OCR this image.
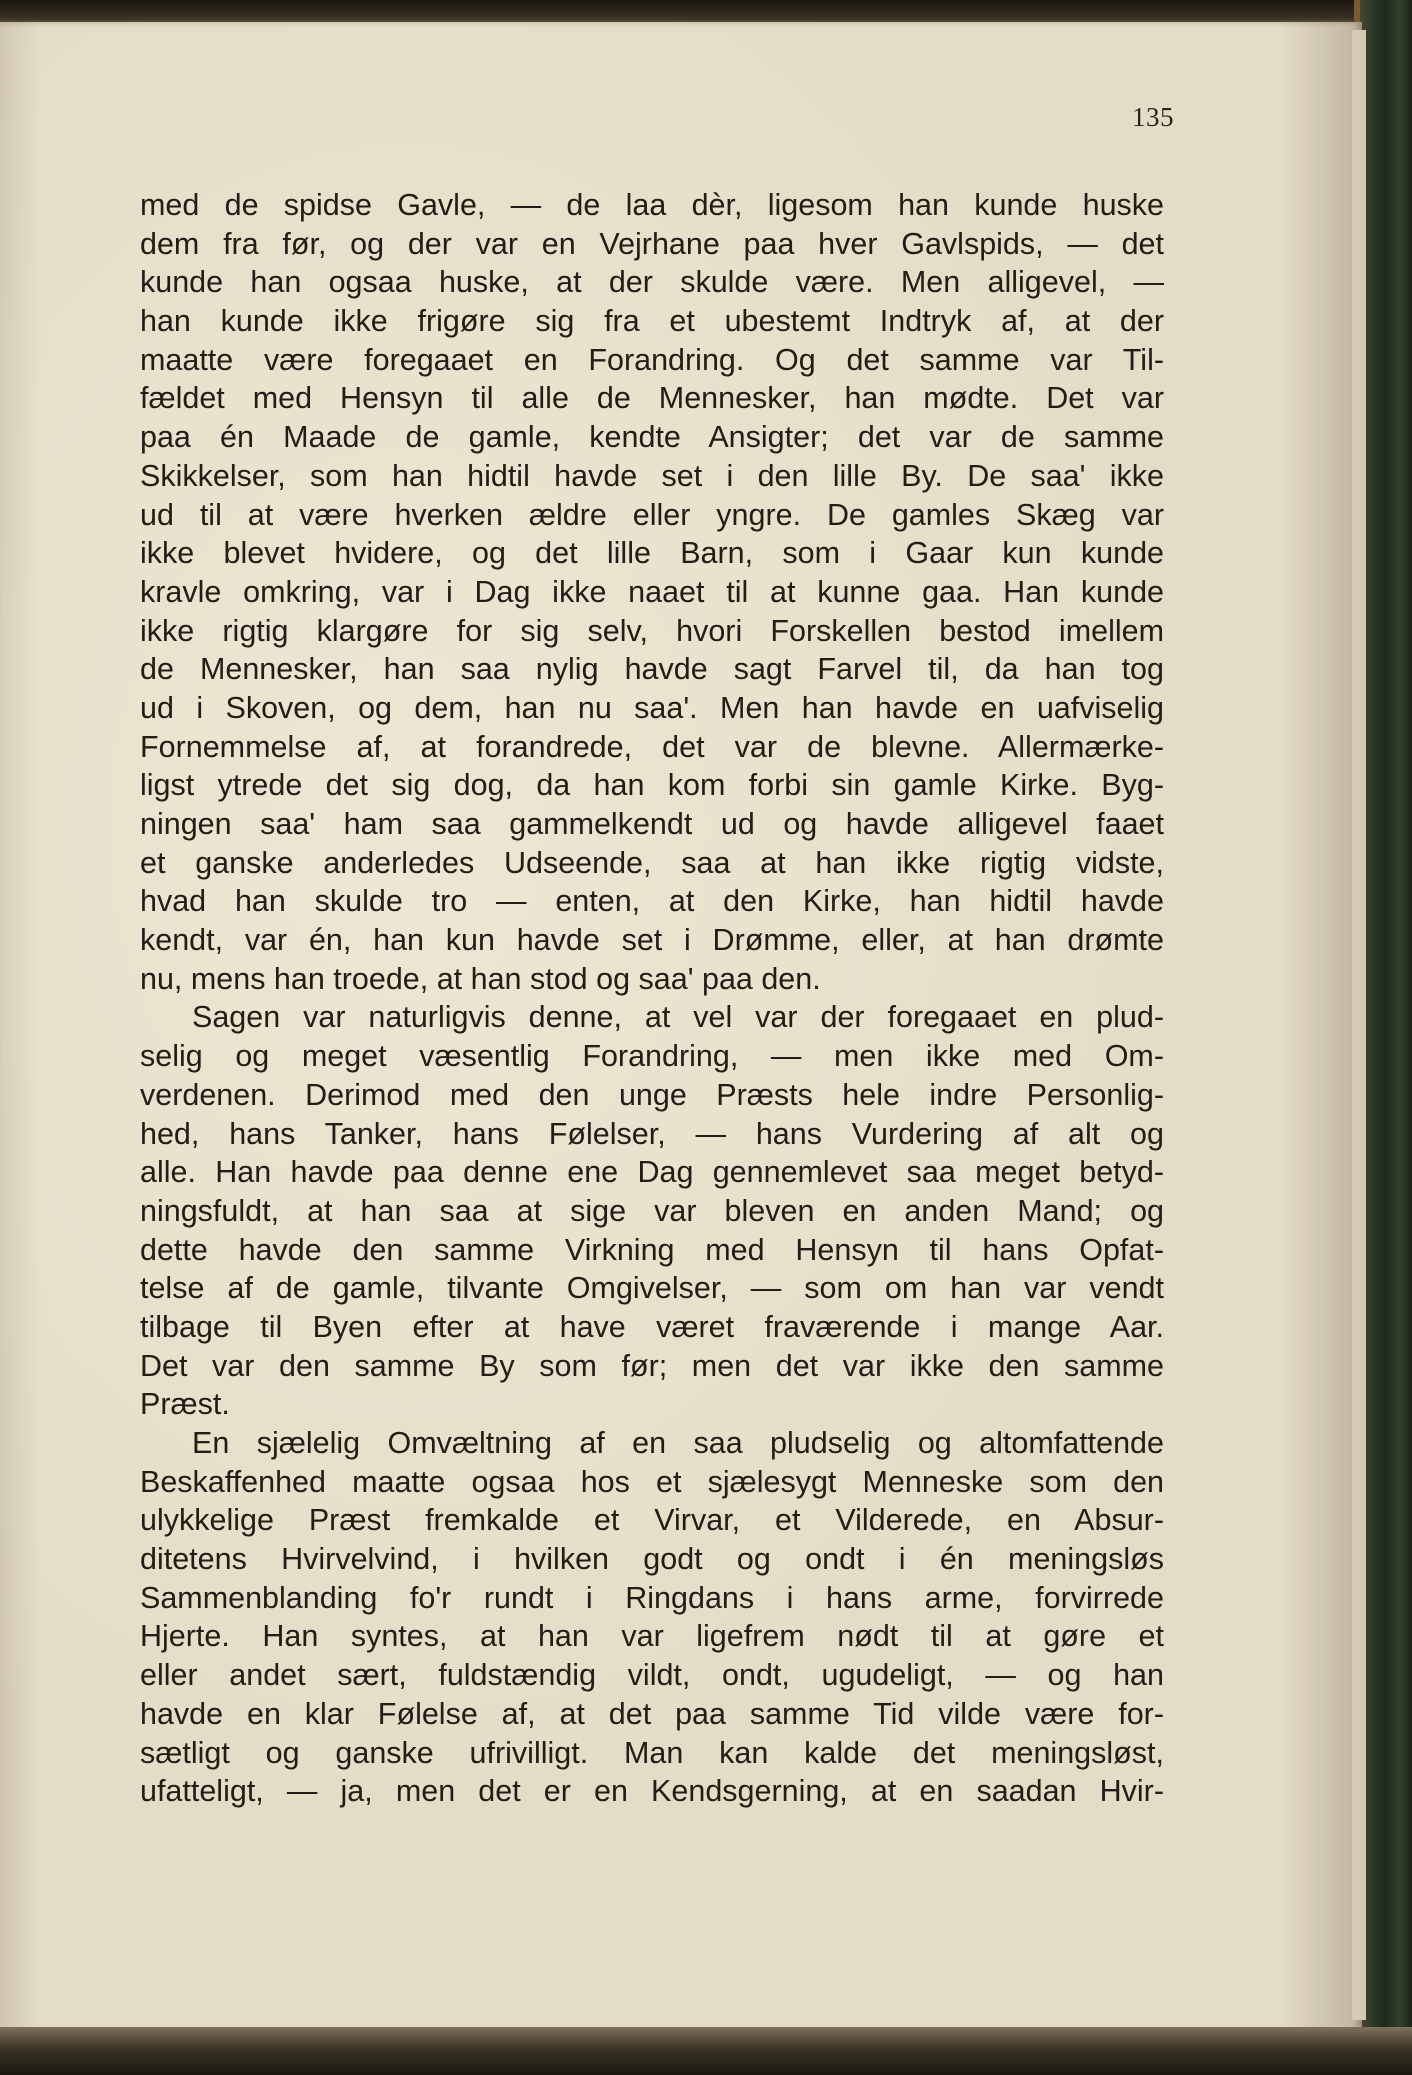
135
med de spidse Gavle, — de laa dèr, ligesom han kunde huske
dem fra før, og der var en Vejrhane paa hver Gavlspids, — det
kunde han ogsaa huske, at der skulde være. Men alligevel, —
han kunde ikke frigøre sig fra et ubestemt Indtryk af, at der
maatte være foregaaet en Forandring. Og det samme var Til-
fældet med Hensyn til alle de Mennesker, han mødte. Det var
paa én Maade de gamle, kendte Ansigter; det var de samme
Skikkelser, som han hidtil havde set i den lille By. De saa' ikke
ud til at være hverken ældre eller yngre. De gamles Skæg var
ikke blevet hvidere, og det lille Barn, som i Gaar kun kunde
kravle omkring, var i Dag ikke naaet til at kunne gaa. Han kunde
ikke rigtig klargøre for sig selv, hvori Forskellen bestod imellem
de Mennesker, han saa nylig havde sagt Farvel til, da han tog
ud i Skoven, og dem, han nu saa'. Men han havde en uafviselig
Fornemmelse af, at forandrede, det var de blevne. Allermærke-
ligst ytrede det sig dog, da han kom forbi sin gamle Kirke. Byg-
ningen saa' ham saa gammelkendt ud og havde alligevel faaet
et ganske anderledes Udseende, saa at han ikke rigtig vidste,
hvad han skulde tro — enten, at den Kirke, han hidtil havde
kendt, var én, han kun havde set i Drømme, eller, at han drømte
nu, mens han troede, at han stod og saa' paa den.
Sagen var naturligvis denne, at vel var der foregaaet en plud-
selig og meget væsentlig Forandring, — men ikke med Om-
verdenen. Derimod med den unge Præsts hele indre Personlig-
hed, hans Tanker, hans Følelser, — hans Vurdering af alt og
alle. Han havde paa denne ene Dag gennemlevet saa meget betyd-
ningsfuldt, at han saa at sige var bleven en anden Mand; og
dette havde den samme Virkning med Hensyn til hans Opfat-
telse af de gamle, tilvante Omgivelser, — som om han var vendt
tilbage til Byen efter at have været fraværende i mange Aar.
Det var den samme By som før; men det var ikke den samme
Præst.
En sjælelig Omvæltning af en saa pludselig og altomfattende
Beskaffenhed maatte ogsaa hos et sjælesygt Menneske som den
ulykkelige Præst fremkalde et Virvar, et Vilderede, en Absur-
ditetens Hvirvelvind, i hvilken godt og ondt i én meningsløs
Sammenblanding fo'r rundt i Ringdans i hans arme, forvirrede
Hjerte. Han syntes, at han var ligefrem nødt til at gøre et
eller andet sært, fuldstændig vildt, ondt, ugudeligt, — og han
havde en klar Følelse af, at det paa samme Tid vilde være for-
sætligt og ganske ufrivilligt. Man kan kalde det meningsløst,
ufatteligt, — ja, men det er en Kendsgerning, at en saadan Hvir-
